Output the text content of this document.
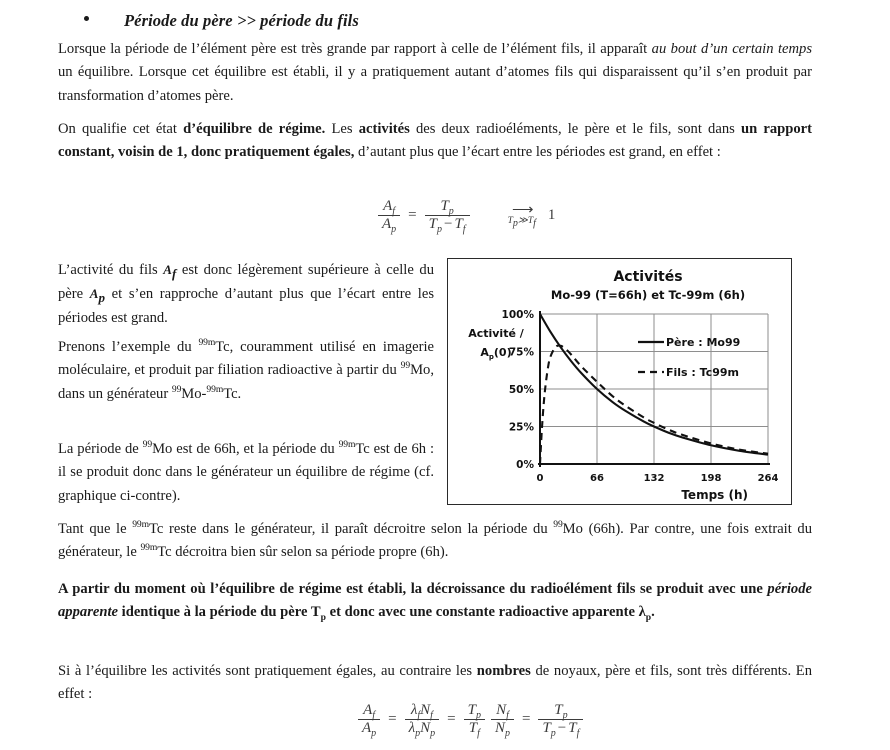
Période du père >> période du fils

Lorsque la période de l’élément père est très grande par rapport à celle de l’élément fils, il apparaît au bout d’un certain temps un équilibre. Lorsque cet équilibre est établi, il y a pratiquement autant d’atomes fils qui disparaissent qu’il s’en produit par transformation d’atomes père.

On qualifie cet état d’équilibre de régime. Les activités des deux radioéléments, le père et le fils, sont dans un rapport constant, voisin de 1, donc pratiquement égales, d’autant plus que l’écart entre les périodes est grand, en effet :

$\frac{A_f}{A_p} = \frac{T_p}{T_p - T_f}$	⟶
Tp≫Tf 1

L’activité du fils Af est donc légèrement supérieure à celle du père Ap et s’en rapproche d’autant plus que l’écart entre les périodes est grand.

Prenons l’exemple du $^{99m}$Tc, couramment utilisé en imagerie moléculaire, et produit par filiation radioactive à partir du $^{99}$Mo, dans un générateur $^{99}$Mo-$^{99m}$Tc.

La période de $^{99}$Mo est de 66h, et la période du $^{99m}$Tc est de 6h : il se produit donc dans le générateur un équilibre de régime (cf. graphique ci-contre).

Activités
Mo-99 (T=66h) et Tc-99m (6h)
Activité /
$A_p(0)$
100%
75%
50%
25%
0%
0	66	132	198	264
Temps (h)
Père : Mo99
Fils : Tc99m

Tant que le $^{99m}$Tc reste dans le générateur, il paraît décroitre selon la période du $^{99}$Mo (66h). Par contre, une fois extrait du générateur, le $^{99m}$Tc décroitra bien sûr selon sa période propre (6h).

A partir du moment où l’équilibre de régime est établi, la décroissance du radioélément fils se produit avec une période apparente identique à la période du père $T_p$ et donc avec une constante radioactive apparente $\lambda_p$.

Si à l’équilibre les activités sont pratiquement égales, au contraire les nombres de noyaux, père et fils, sont très différents. En effet :

$\frac{A_f}{A_p} = \frac{\lambda_fN_f}{\lambda_pN_p} = \frac{T_p}{T_f} \frac{N_f}{N_p} = \frac{T_p}{T_p - T_f}$
